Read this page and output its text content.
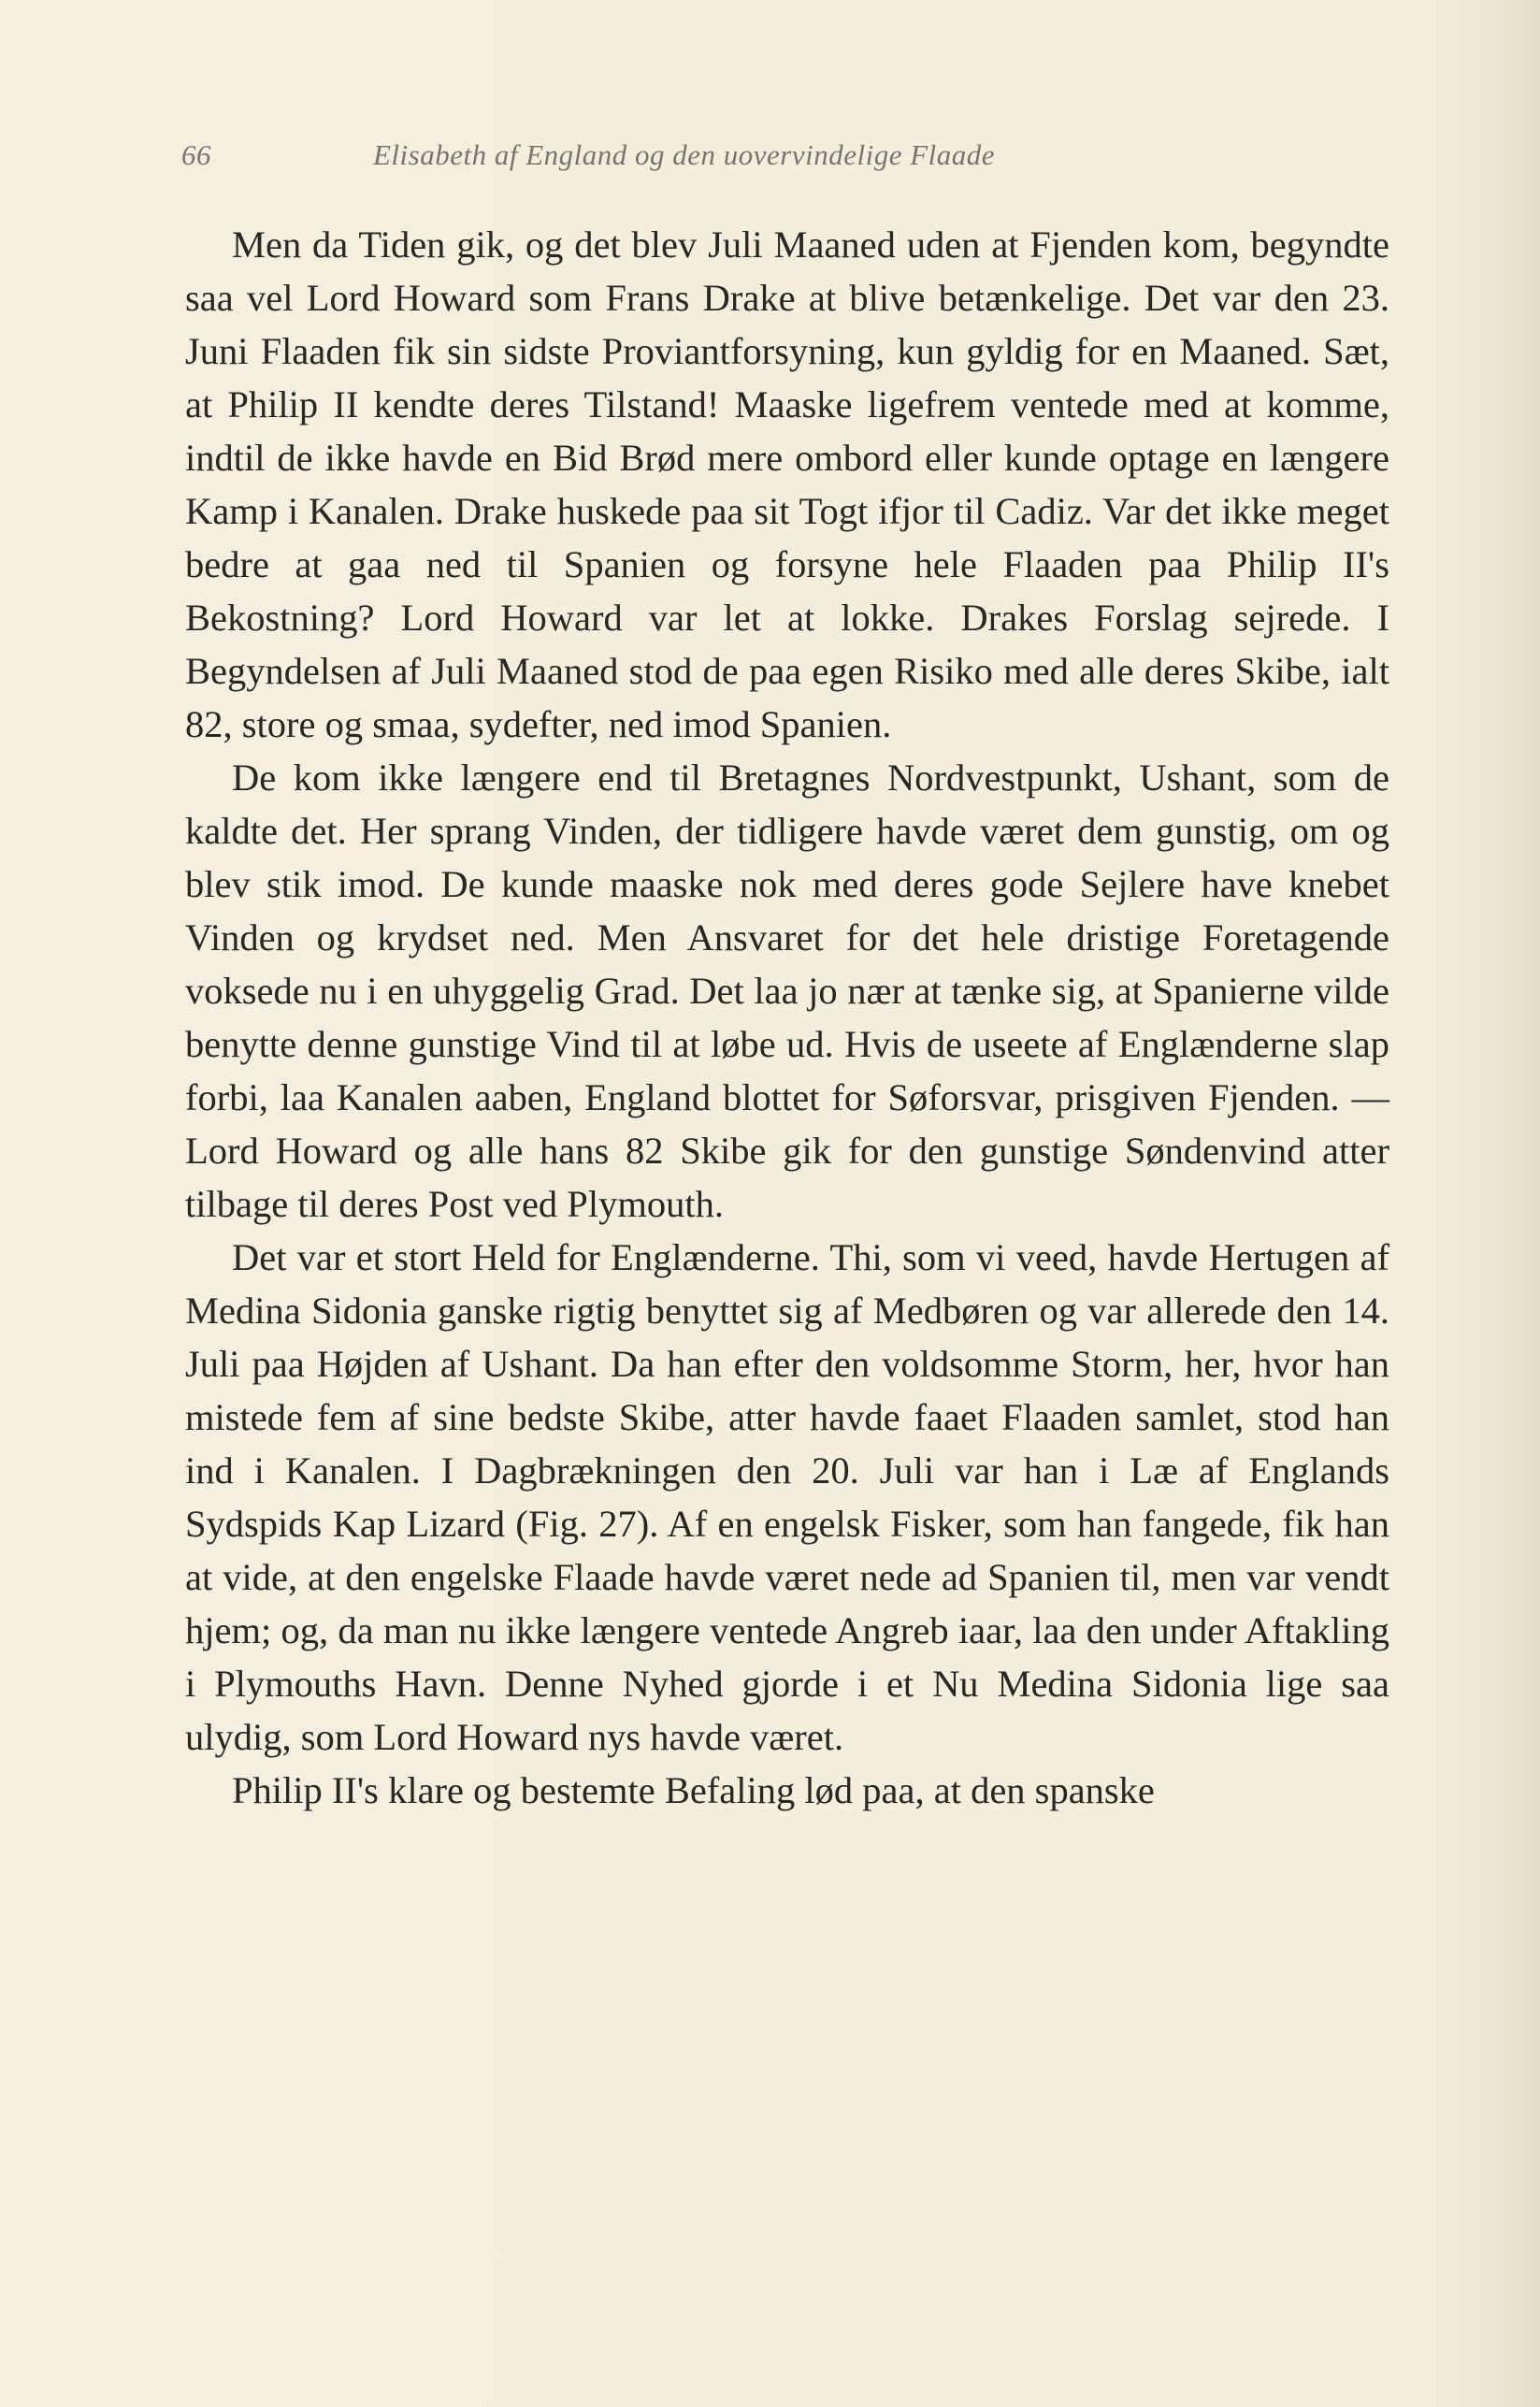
66	Elisabeth af England og den uovervindelige Flaade

Men da Tiden gik, og det blev Juli Maaned uden at Fjenden kom, begyndte saa vel Lord Howard som Frans Drake at blive betænkelige. Det var den 23. Juni Flaaden fik sin sidste Proviantforsyning, kun gyldig for en Maaned. Sæt, at Philip II kendte deres Tilstand! Maaske ligefrem ventede med at komme, indtil de ikke havde en Bid Brød mere ombord eller kunde optage en længere Kamp i Kanalen. Drake huskede paa sit Togt ifjor til Cadiz. Var det ikke meget bedre at gaa ned til Spanien og forsyne hele Flaaden paa Philip II's Bekostning? Lord Howard var let at lokke. Drakes Forslag sejrede. I Begyndelsen af Juli Maaned stod de paa egen Risiko med alle deres Skibe, ialt 82, store og smaa, sydefter, ned imod Spanien.

De kom ikke længere end til Bretagnes Nordvestpunkt, Ushant, som de kaldte det. Her sprang Vinden, der tidligere havde været dem gunstig, om og blev stik imod. De kunde maaske nok med deres gode Sejlere have knebet Vinden og krydset ned. Men Ansvaret for det hele dristige Foretagende voksede nu i en uhyggelig Grad. Det laa jo nær at tænke sig, at Spanierne vilde benytte denne gunstige Vind til at løbe ud. Hvis de useete af Englænderne slap forbi, laa Kanalen aaben, England blottet for Søforsvar, prisgiven Fjenden. — Lord Howard og alle hans 82 Skibe gik for den gunstige Søndenvind atter tilbage til deres Post ved Plymouth.

Det var et stort Held for Englænderne. Thi, som vi veed, havde Hertugen af Medina Sidonia ganske rigtig benyttet sig af Medbøren og var allerede den 14. Juli paa Højden af Ushant. Da han efter den voldsomme Storm, her, hvor han mistede fem af sine bedste Skibe, atter havde faaet Flaaden samlet, stod han ind i Kanalen. I Dagbrækningen den 20. Juli var han i Læ af Englands Sydspids Kap Lizard (Fig. 27). Af en engelsk Fisker, som han fangede, fik han at vide, at den engelske Flaade havde været nede ad Spanien til, men var vendt hjem; og, da man nu ikke længere ventede Angreb iaar, laa den under Aftakling i Plymouths Havn. Denne Nyhed gjorde i et Nu Medina Sidonia lige saa ulydig, som Lord Howard nys havde været.

Philip II's klare og bestemte Befaling lød paa, at den spanske
